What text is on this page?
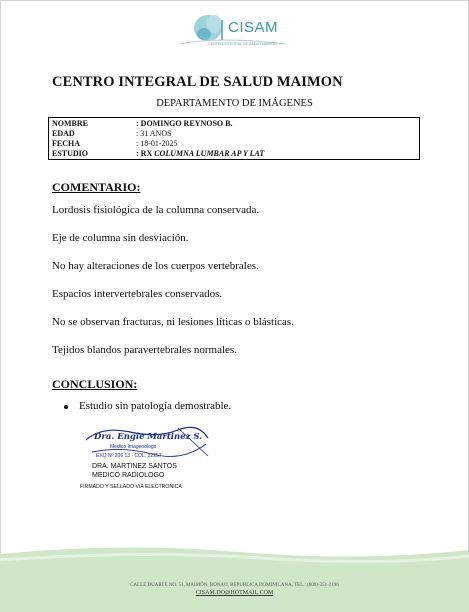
CISAM
CENTRO INTEGRAL DE SALUD MAIMON
CENTRO INTEGRAL DE SALUD MAIMON
DEPARTAMENTO DE IMÁGENES
NOMBRE	: DOMINGO REYNOSO B.
EDAD	: 31 ANOS
FECHA	: 18-01-2025
ESTUDIO	: RX COLUMNA LUMBAR AP Y LAT
COMENTARIO:
Lordosis fisiológica de la columna conservada.
Eje de columna sin desviación.
No hay alteraciones de los cuerpos vertebrales.
Espacios intervertebrales conservados.
No se observan fracturas, ni lesiones líticas o blásticas.
Tejidos blandos paravertebrales normales.
CONCLUSION:
Estudio sin patología demostrable.
Dra. Engie Martinez S.
Medico Imagenologo
EXQ Nº 206 13 · COL. 22257
DRA. MARTINEZ SANTOS
MEDICO RADIOLOGO
FIRMADO Y SELLADO VIA ELECTRONICA
CALLE DUARTE NO. 51, MAIMÓN, BONAO, REPUBLICA DOMINICANA, TEL.: (809)-351-2196
CISAM.DO@HOTMAIL.COM
